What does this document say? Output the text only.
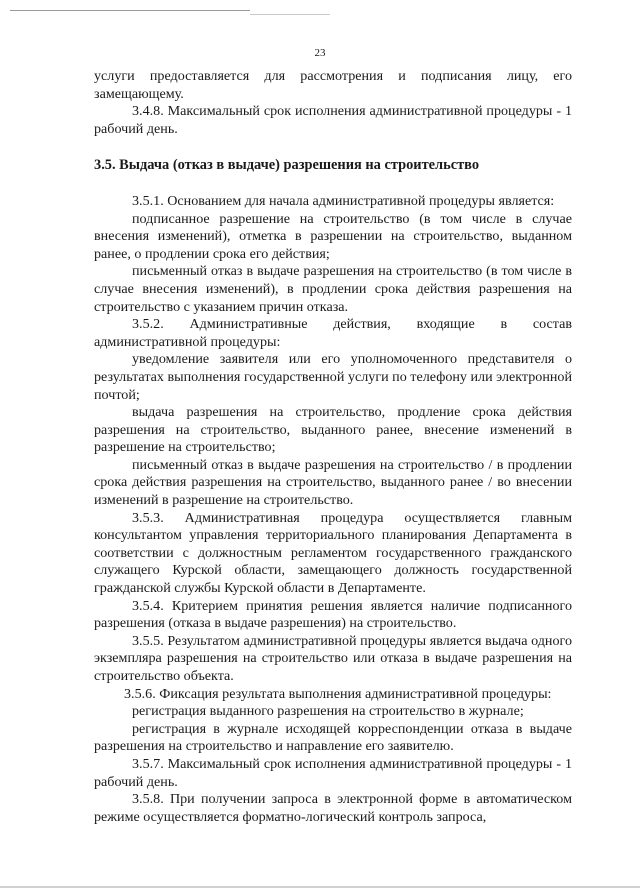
23

услуги предоставляется для рассмотрения и подписания лицу, его замещающему.

3.4.8. Максимальный срок исполнения административной процедуры - 1 рабочий день.

3.5. Выдача (отказ в выдаче) разрешения на строительство

3.5.1. Основанием для начала административной процедуры является:

подписанное разрешение на строительство (в том числе в случае внесения изменений), отметка в разрешении на строительство, выданном ранее, о продлении срока его действия;

письменный отказ в выдаче разрешения на строительство (в том числе в случае внесения изменений), в продлении срока действия разрешения на строительство с указанием причин отказа.

3.5.2. Административные действия, входящие в состав административной процедуры:

уведомление заявителя или его уполномоченного представителя о результатах выполнения государственной услуги по телефону или электронной почтой;

выдача разрешения на строительство, продление срока действия разрешения на строительство, выданного ранее, внесение изменений в разрешение на строительство;

письменный отказ в выдаче разрешения на строительство / в продлении срока действия разрешения на строительство, выданного ранее / во внесении изменений в разрешение на строительство.

3.5.3. Административная процедура осуществляется главным консультантом управления территориального планирования Департамента в соответствии с должностным регламентом государственного гражданского служащего Курской области, замещающего должность государственной гражданской службы Курской области в Департаменте.

3.5.4. Критерием принятия решения является наличие подписанного разрешения (отказа в выдаче разрешения) на строительство.

3.5.5. Результатом административной процедуры является выдача одного экземпляра разрешения на строительство или отказа в выдаче разрешения на строительство объекта.

3.5.6. Фиксация результата выполнения административной процедуры:

регистрация выданного разрешения на строительство в журнале;

регистрация в журнале исходящей корреспонденции отказа в выдаче разрешения на строительство и направление его заявителю.

3.5.7. Максимальный срок исполнения административной процедуры - 1 рабочий день.

3.5.8. При получении запроса в электронной форме в автоматическом режиме осуществляется форматно-логический контроль запроса,
